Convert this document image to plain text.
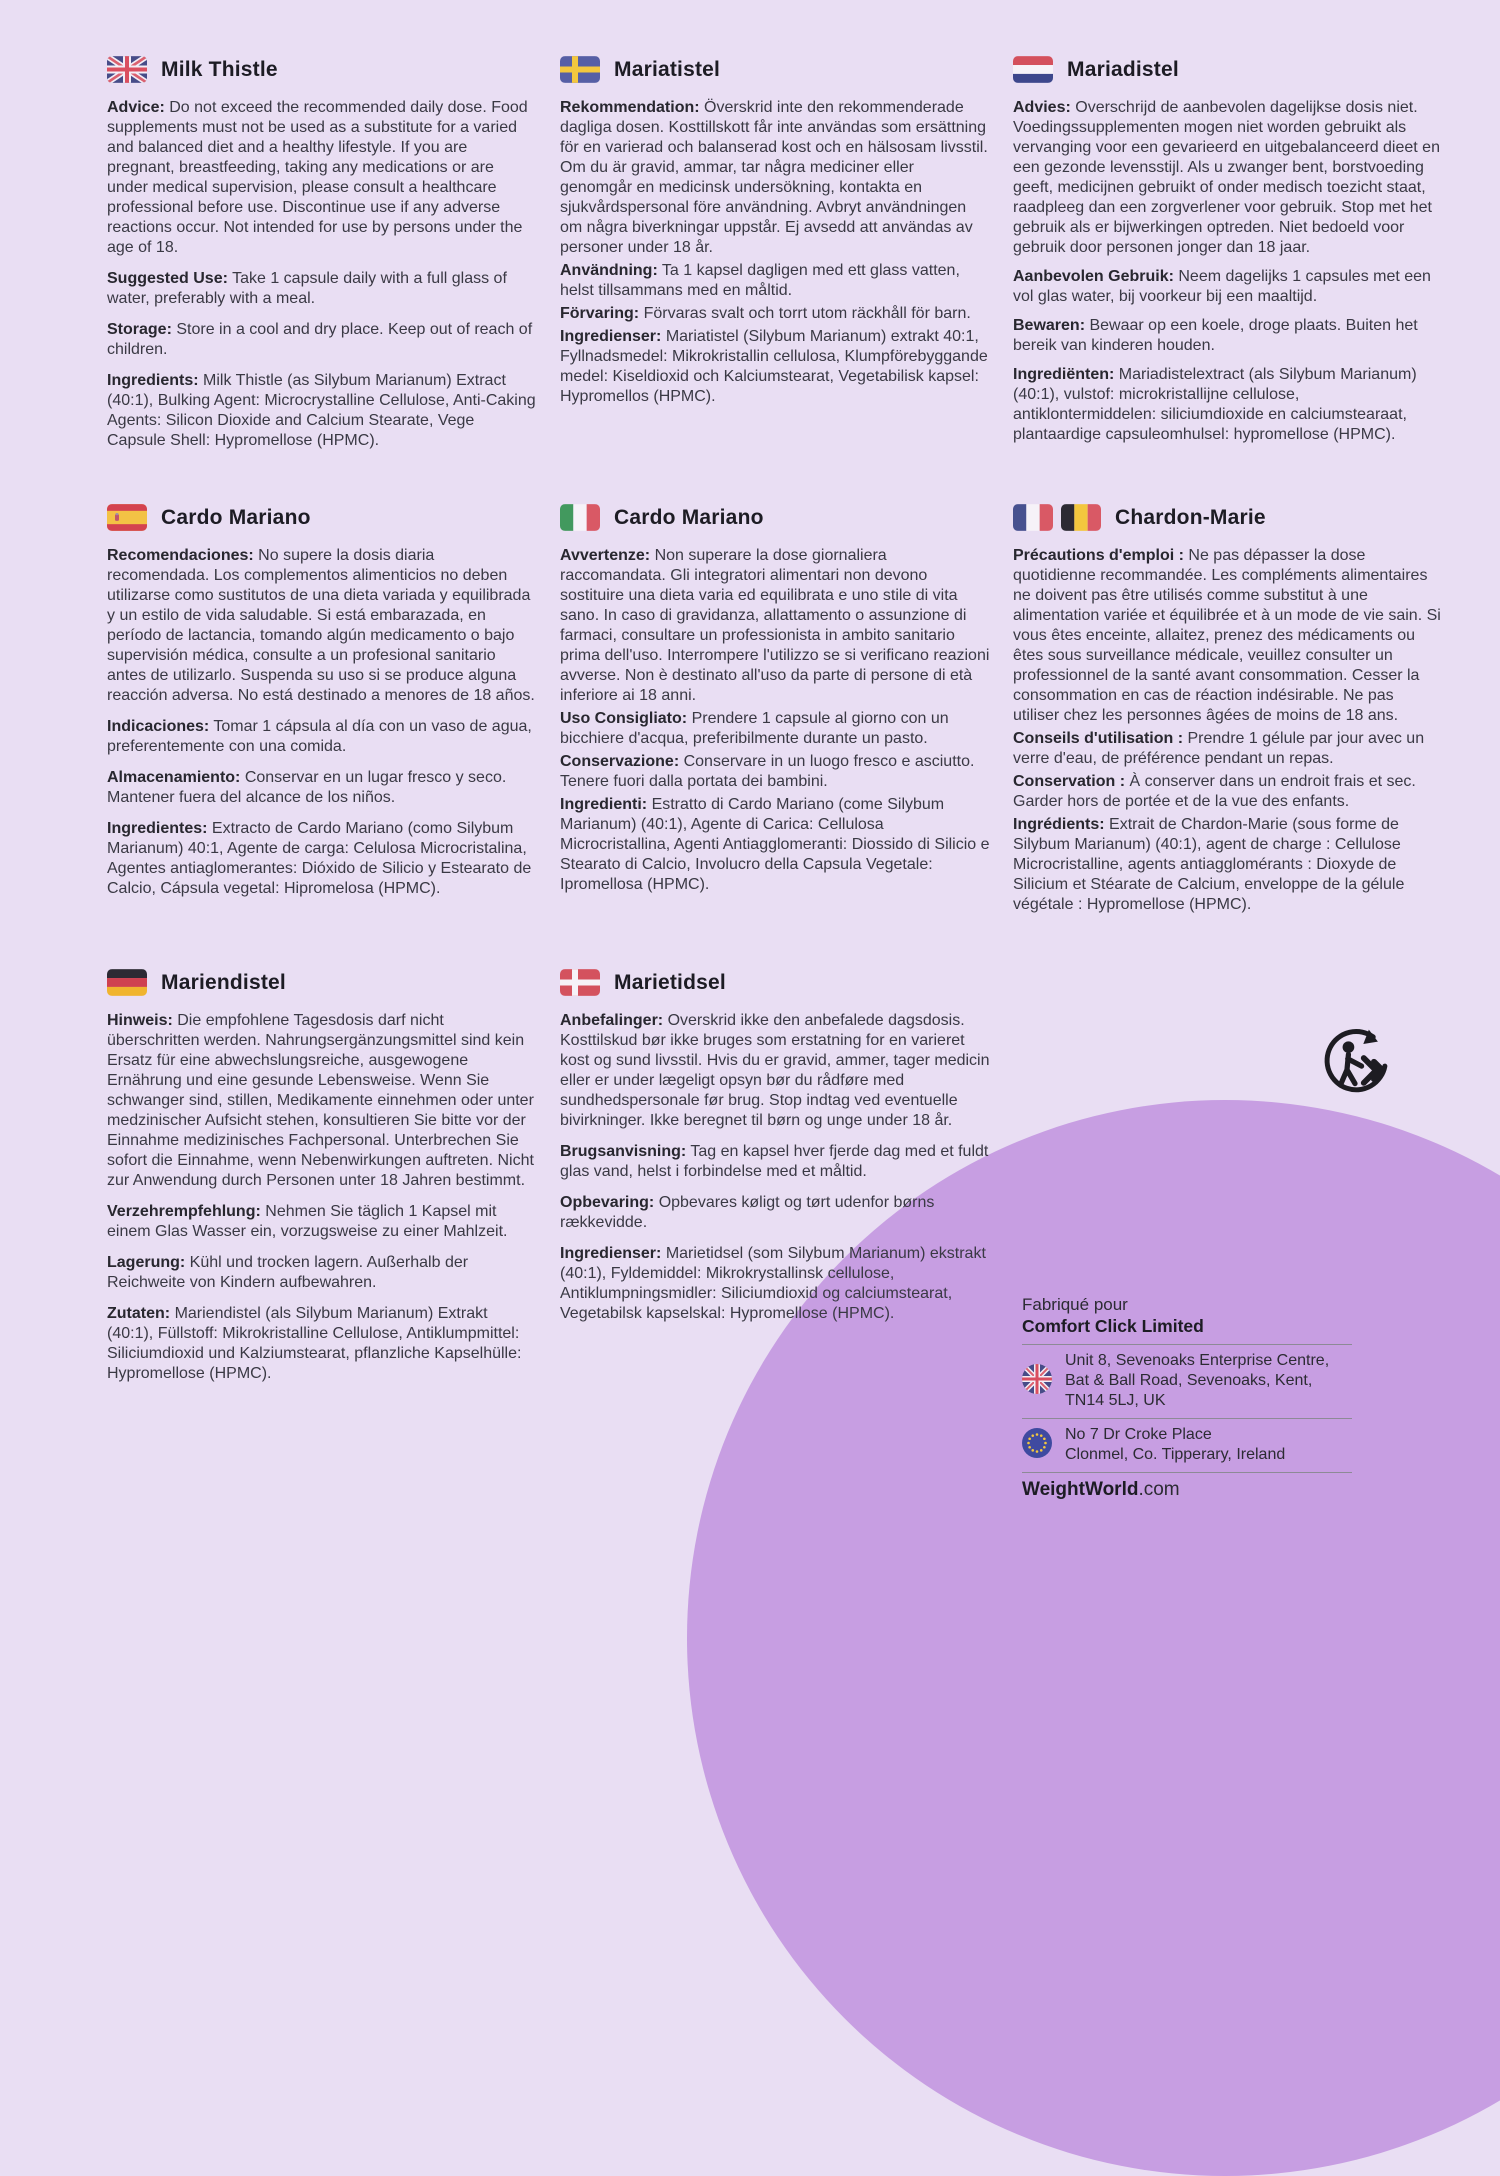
Milk Thistle

Advice: Do not exceed the recommended daily dose. Food supplements must not be used as a substitute for a varied and balanced diet and a healthy lifestyle. If you are pregnant, breastfeeding, taking any medications or are under medical supervision, please consult a healthcare professional before use. Discontinue use if any adverse reactions occur. Not intended for use by persons under the age of 18.

Suggested Use: Take 1 capsule daily with a full glass of water, preferably with a meal.

Storage: Store in a cool and dry place. Keep out of reach of children.

Ingredients: Milk Thistle (as Silybum Marianum) Extract (40:1), Bulking Agent: Microcrystalline Cellulose, Anti-Caking Agents: Silicon Dioxide and Calcium Stearate, Vege Capsule Shell: Hypromellose (HPMC).

Mariatistel

Rekommendation: Överskrid inte den rekommenderade dagliga dosen. Kosttillskott får inte användas som ersättning för en varierad och balanserad kost och en hälsosam livsstil. Om du är gravid, ammar, tar några mediciner eller genomgår en medicinsk undersökning, kontakta en sjukvårdspersonal före användning. Avbryt användningen om några biverkningar uppstår. Ej avsedd att användas av personer under 18 år.

Användning: Ta 1 kapsel dagligen med ett glass vatten, helst tillsammans med en måltid.

Förvaring: Förvaras svalt och torrt utom räckhåll för barn.

Ingredienser: Mariatistel (Silybum Marianum) extrakt 40:1, Fyllnadsmedel: Mikrokristallin cellulosa, Klumpförebyggande medel: Kiseldioxid och Kalciumstearat, Vegetabilisk kapsel: Hypromellos (HPMC).

Mariadistel

Advies: Overschrijd de aanbevolen dagelijkse dosis niet. Voedingssupplementen mogen niet worden gebruikt als vervanging voor een gevarieerd en uitgebalanceerd dieet en een gezonde levensstijl. Als u zwanger bent, borstvoeding geeft, medicijnen gebruikt of onder medisch toezicht staat, raadpleeg dan een zorgverlener voor gebruik. Stop met het gebruik als er bijwerkingen optreden. Niet bedoeld voor gebruik door personen jonger dan 18 jaar.

Aanbevolen Gebruik: Neem dagelijks 1 capsules met een vol glas water, bij voorkeur bij een maaltijd.

Bewaren: Bewaar op een koele, droge plaats. Buiten het bereik van kinderen houden.

Ingrediënten: Mariadistelextract (als Silybum Marianum) (40:1), vulstof: microkristallijne cellulose, antiklontermiddelen: siliciumdioxide en calciumstearaat, plantaardige capsuleomhulsel: hypromellose (HPMC).

Cardo Mariano

Recomendaciones: No supere la dosis diaria recomendada. Los complementos alimenticios no deben utilizarse como sustitutos de una dieta variada y equilibrada y un estilo de vida saludable. Si está embarazada, en período de lactancia, tomando algún medicamento o bajo supervisión médica, consulte a un profesional sanitario antes de utilizarlo. Suspenda su uso si se produce alguna reacción adversa. No está destinado a menores de 18 años.

Indicaciones: Tomar 1 cápsula al día con un vaso de agua, preferentemente con una comida.

Almacenamiento: Conservar en un lugar fresco y seco. Mantener fuera del alcance de los niños.

Ingredientes: Extracto de Cardo Mariano (como Silybum Marianum) 40:1, Agente de carga: Celulosa Microcristalina, Agentes antiaglomerantes: Dióxido de Silicio y Estearato de Calcio, Cápsula vegetal: Hipromelosa (HPMC).

Cardo Mariano

Avvertenze: Non superare la dose giornaliera raccomandata. Gli integratori alimentari non devono sostituire una dieta varia ed equilibrata e uno stile di vita sano. In caso di gravidanza, allattamento o assunzione di farmaci, consultare un professionista in ambito sanitario prima dell'uso. Interrompere l'utilizzo se si verificano reazioni avverse. Non è destinato all'uso da parte di persone di età inferiore ai 18 anni.

Uso Consigliato: Prendere 1 capsule al giorno con un bicchiere d'acqua, preferibilmente durante un pasto.

Conservazione: Conservare in un luogo fresco e asciutto. Tenere fuori dalla portata dei bambini.

Ingredienti: Estratto di Cardo Mariano (come Silybum Marianum) (40:1), Agente di Carica: Cellulosa Microcristallina, Agenti Antiagglomeranti: Diossido di Silicio e Stearato di Calcio, Involucro della Capsula Vegetale: Ipromellosa (HPMC).

Chardon-Marie

Précautions d'emploi : Ne pas dépasser la dose quotidienne recommandée. Les compléments alimentaires ne doivent pas être utilisés comme substitut à une alimentation variée et équilibrée et à un mode de vie sain. Si vous êtes enceinte, allaitez, prenez des médicaments ou êtes sous surveillance médicale, veuillez consulter un professionnel de la santé avant consommation. Cesser la consommation en cas de réaction indésirable. Ne pas utiliser chez les personnes âgées de moins de 18 ans.

Conseils d'utilisation : Prendre 1 gélule par jour avec un verre d'eau, de préférence pendant un repas.

Conservation : À conserver dans un endroit frais et sec. Garder hors de portée et de la vue des enfants.

Ingrédients: Extrait de Chardon-Marie (sous forme de Silybum Marianum) (40:1), agent de charge : Cellulose Microcristalline, agents antiagglomérants : Dioxyde de Silicium et Stéarate de Calcium, enveloppe de la gélule végétale : Hypromellose (HPMC).

Mariendistel

Hinweis: Die empfohlene Tagesdosis darf nicht überschritten werden. Nahrungsergänzungsmittel sind kein Ersatz für eine abwechslungsreiche, ausgewogene Ernährung und eine gesunde Lebensweise. Wenn Sie schwanger sind, stillen, Medikamente einnehmen oder unter medzinischer Aufsicht stehen, konsultieren Sie bitte vor der Einnahme medizinisches Fachpersonal. Unterbrechen Sie sofort die Einnahme, wenn Nebenwirkungen auftreten. Nicht zur Anwendung durch Personen unter 18 Jahren bestimmt.

Verzehrempfehlung: Nehmen Sie täglich 1 Kapsel mit einem Glas Wasser ein, vorzugsweise zu einer Mahlzeit.

Lagerung: Kühl und trocken lagern. Außerhalb der Reichweite von Kindern aufbewahren.

Zutaten: Mariendistel (als Silybum Marianum) Extrakt (40:1), Füllstoff: Mikrokristalline Cellulose, Antiklumpmittel: Siliciumdioxid und Kalziumstearat, pflanzliche Kapselhülle: Hypromellose (HPMC).

Marietidsel

Anbefalinger: Overskrid ikke den anbefalede dagsdosis. Kosttilskud bør ikke bruges som erstatning for en varieret kost og sund livsstil. Hvis du er gravid, ammer, tager medicin eller er under lægeligt opsyn bør du rådføre med sundhedspersonale før brug. Stop indtag ved eventuelle bivirkninger. Ikke beregnet til børn og unge under 18 år.

Brugsanvisning: Tag en kapsel hver fjerde dag med et fuldt glas vand, helst i forbindelse med et måltid.

Opbevaring: Opbevares køligt og tørt udenfor børns rækkevidde.

Ingredienser: Marietidsel (som Silybum Marianum) ekstrakt (40:1), Fyldemiddel: Mikrokrystallinsk cellulose, Antiklumpningsmidler: Siliciumdioxid og calciumstearat, Vegetabilsk kapselskal: Hypromellose (HPMC).	Fabriqué pour
Comfort Click Limited
Unit 8, Sevenoaks Enterprise Centre,
Bat & Ball Road, Sevenoaks, Kent,
TN14 5LJ, UK
No 7 Dr Croke Place
Clonmel, Co. Tipperary, Ireland
WeightWorld.com
